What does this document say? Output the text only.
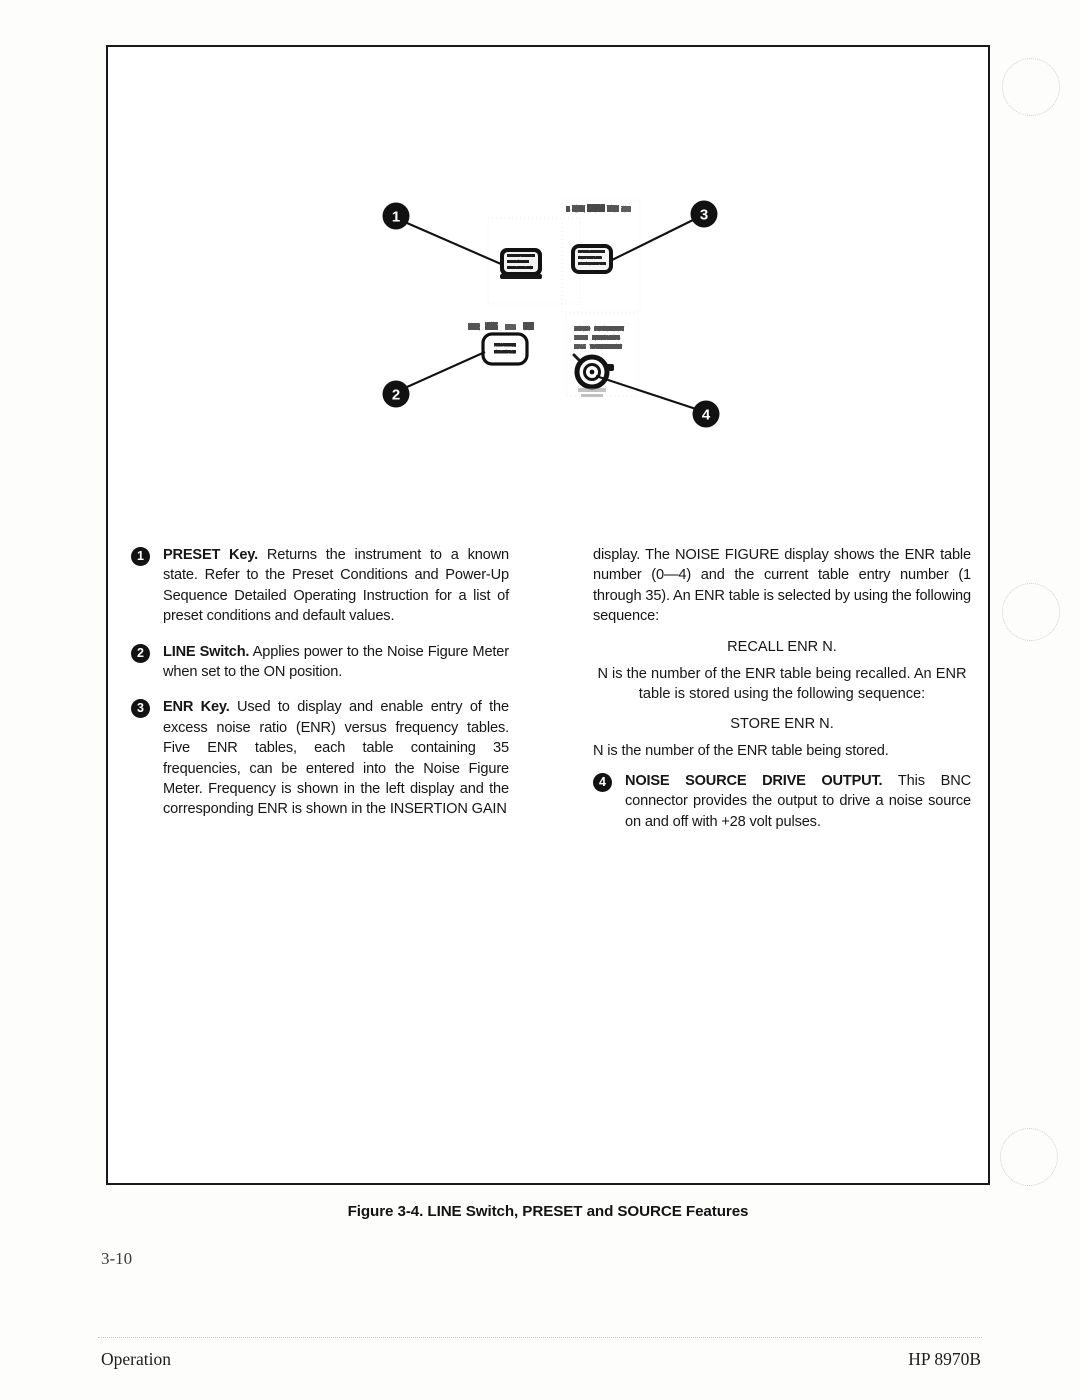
1
2
3
4
1	PRESET Key. Returns the instrument to a known state. Refer to the Preset Conditions and Power-Up Sequence Detailed Operating Instruction for a list of preset conditions and default values.
2	LINE Switch. Applies power to the Noise Figure Meter when set to the ON position.
3	ENR Key. Used to display and enable entry of the excess noise ratio (ENR) versus frequency tables. Five ENR tables, each table containing 35 frequencies, can be entered into the Noise Figure Meter. Frequency is shown in the left display and the corresponding ENR is shown in the INSERTION GAIN
display. The NOISE FIGURE display shows the ENR table number (0—4) and the current table entry number (1 through 35). An ENR table is selected by using the following sequence:
RECALL ENR N.
N is the number of the ENR table being recalled. An ENR table is stored using the following sequence:
STORE ENR N.
N is the number of the ENR table being stored.
4	NOISE SOURCE DRIVE OUTPUT. This BNC connector provides the output to drive a noise source on and off with +28 volt pulses.
Figure 3-4. LINE Switch, PRESET and SOURCE Features
3-10
Operation	HP 8970B
